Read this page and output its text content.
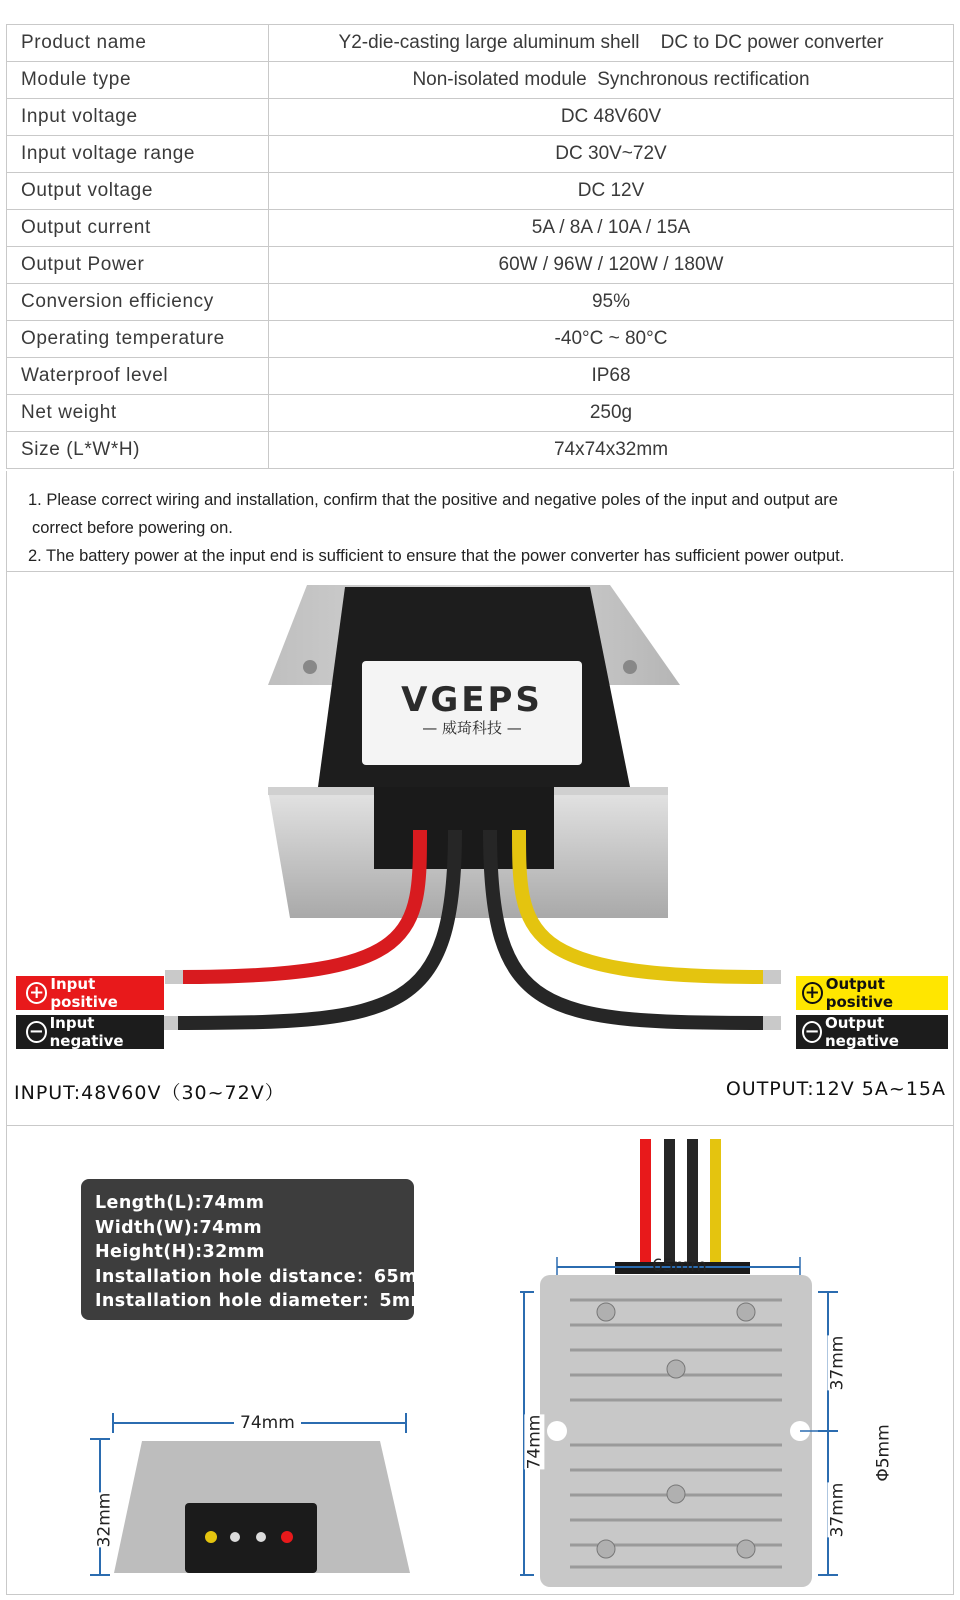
Product name	Y2-die-casting large aluminum shell    DC to DC power converter
Module type	Non-isolated module  Synchronous rectification
Input voltage	DC 48V60V
Input voltage range	DC 30V~72V
Output voltage	DC 12V
Output current	5A / 8A / 10A / 15A
Output Power	60W / 96W / 120W / 180W
Conversion efficiency	95%
Operating temperature	-40°C ~ 80°C
Waterproof level	IP68
Net weight	250g
Size (L*W*H)	74x74x32mm
1. Please correct wiring and installation, confirm that the positive and negative poles of the input and output are
correct before powering on.
2. The battery power at the input end is sufficient to ensure that the power converter has sufficient power output.
VGEPS
— 威琦科技 —
+ Input positive
− Input negative
+ Output positive
− Output negative
INPUT:48V60V（30~72V）	OUTPUT:12V 5A~15A
Length(L):74mm
Width(W):74mm
Height(H):32mm
Installation hole distance：65mm
Installation hole diameter：5mm
74mm
32mm
65mm
74mm
37mm
37mm
Φ5mm
